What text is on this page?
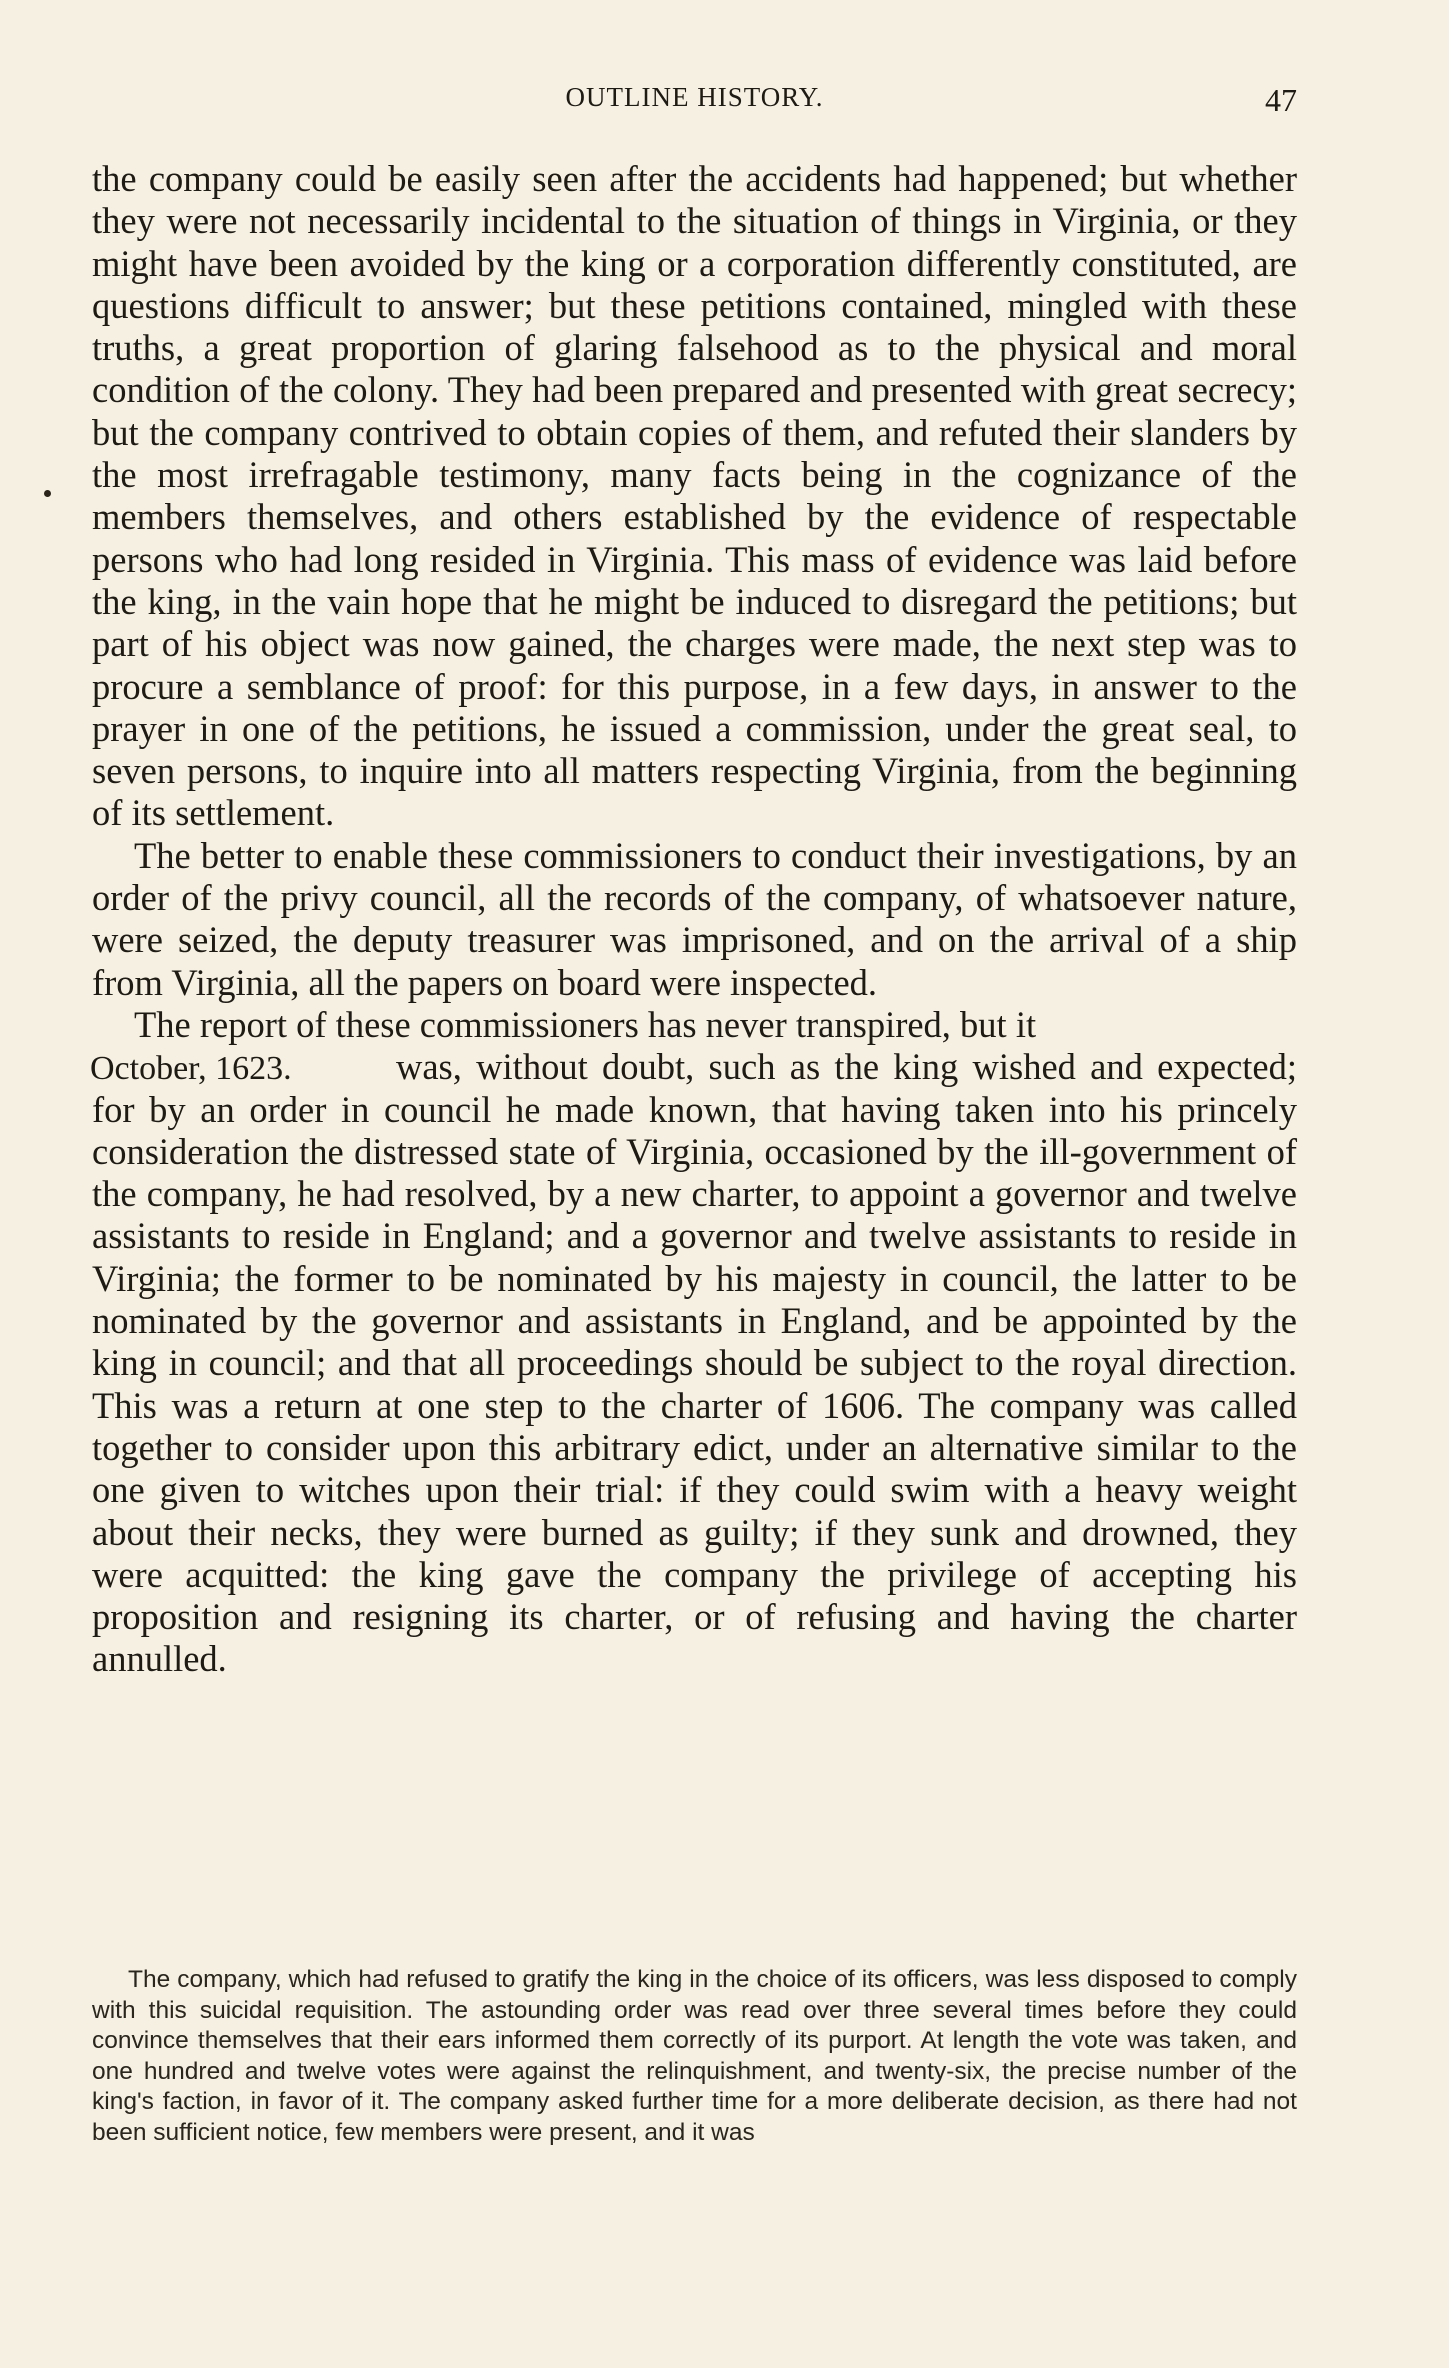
OUTLINE HISTORY.	47

the company could be easily seen after the accidents had happened; but whether they were not necessarily incidental to the situation of things in Virginia, or they might have been avoided by the king or a corporation differently constituted, are questions difficult to answer; but these petitions contained, mingled with these truths, a great proportion of glaring falsehood as to the physical and moral condition of the colony. They had been prepared and presented with great secrecy; but the company contrived to obtain copies of them, and refuted their slanders by the most irrefragable testimony, many facts being in the cognizance of the members themselves, and others established by the evidence of respectable persons who had long resided in Virginia. This mass of evidence was laid before the king, in the vain hope that he might be induced to disregard the petitions; but part of his object was now gained, the charges were made, the next step was to procure a semblance of proof: for this purpose, in a few days, in answer to the prayer in one of the petitions, he issued a commission, under the great seal, to seven persons, to inquire into all matters respecting Virginia, from the beginning of its settlement.

The better to enable these commissioners to conduct their investigations, by an order of the privy council, all the records of the company, of whatsoever nature, were seized, the deputy treasurer was imprisoned, and on the arrival of a ship from Virginia, all the papers on board were inspected.

The report of these commissioners has never transpired, but it

October, 1623.	was, without doubt, such as the king wished and expected; for by an order in council he made known, that having taken into his princely consideration the distressed state of Virginia, occasioned by the ill-government of the company, he had resolved, by a new charter, to appoint a governor and twelve assistants to reside in England; and a governor and twelve assistants to reside in Virginia; the former to be nominated by his majesty in council, the latter to be nominated by the governor and assistants in England, and be appointed by the king in council; and that all proceedings should be subject to the royal direction. This was a return at one step to the charter of 1606. The company was called together to consider upon this arbitrary edict, under an alternative similar to the one given to witches upon their trial: if they could swim with a heavy weight about their necks, they were burned as guilty; if they sunk and drowned, they were acquitted: the king gave the company the privilege of accepting his proposition and resigning its charter, or of refusing and having the charter annulled.

The company, which had refused to gratify the king in the choice of its officers, was less disposed to comply with this suicidal requisition. The astounding order was read over three several times before they could convince themselves that their ears informed them correctly of its purport. At length the vote was taken, and one hundred and twelve votes were against the relinquishment, and twenty-six, the precise number of the king's faction, in favor of it. The company asked further time for a more deliberate decision, as there had not been sufficient notice, few members were present, and it was
